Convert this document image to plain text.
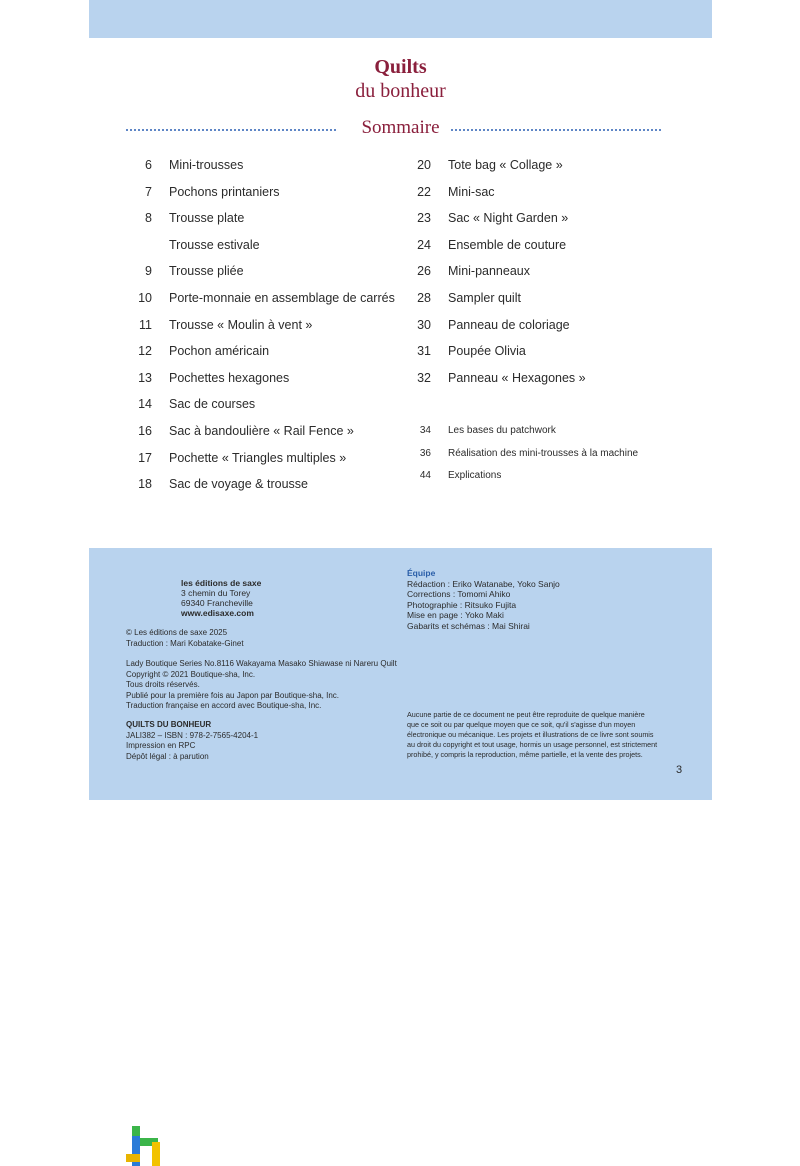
Quilts
du bonheur
Sommaire
6 Mini-trousses
7 Pochons printaniers
8 Trousse plate
Trousse estivale
9 Trousse pliée
10 Porte-monnaie en assemblage de carrés
11 Trousse « Moulin à vent »
12 Pochon américain
13 Pochettes hexagones
14 Sac de courses
16 Sac à bandoulière « Rail Fence »
17 Pochette « Triangles multiples »
18 Sac de voyage & trousse
20 Tote bag « Collage »
22 Mini-sac
23 Sac « Night Garden »
24 Ensemble de couture
26 Mini-panneaux
28 Sampler quilt
30 Panneau de coloriage
31 Poupée Olivia
32 Panneau « Hexagones »
34 Les bases du patchwork
36 Réalisation des mini-trousses à la machine
44 Explications
les éditions de saxe
3 chemin du Torey
69340 Francheville
www.edisaxe.com
© Les éditions de saxe 2025
Traduction : Mari Kobatake-Ginet
Lady Boutique Series No.8116 Wakayama Masako Shiawase ni Nareru Quilt
Copyright © 2021 Boutique-sha, Inc.
Tous droits réservés.
Publié pour la première fois au Japon par Boutique-sha, Inc.
Traduction française en accord avec Boutique-sha, Inc.
QUILTS DU BONHEUR
JALI382 – ISBN : 978-2-7565-4204-1
Impression en RPC
Dépôt légal : à parution
Équipe
Rédaction : Eriko Watanabe, Yoko Sanjo
Corrections : Tomomi Ahiko
Photographie : Ritsuko Fujita
Mise en page : Yoko Maki
Gabarits et schémas : Mai Shirai
Aucune partie de ce document ne peut être reproduite de quelque manière
que ce soit ou par quelque moyen que ce soit, qu'il s'agisse d'un moyen
électronique ou mécanique. Les projets et illustrations de ce livre sont soumis
au droit du copyright et tout usage, hormis un usage personnel, est strictement
prohibé, y compris la reproduction, même partielle, et la vente des projets.
3
